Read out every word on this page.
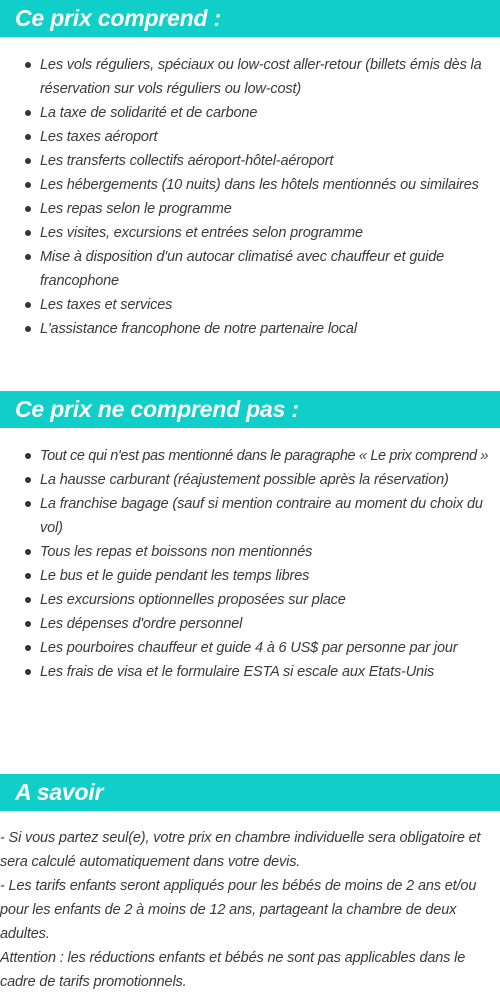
Ce prix comprend :
Les vols réguliers, spéciaux ou low-cost aller-retour (billets émis dès la réservation sur vols réguliers ou low-cost)
La taxe de solidarité et de carbone
Les taxes aéroport
Les transferts collectifs aéroport-hôtel-aéroport
Les hébergements (10 nuits) dans les hôtels mentionnés ou similaires
Les repas selon le programme
Les visites, excursions et entrées selon programme
Mise à disposition d'un autocar climatisé avec chauffeur et guide francophone
Les taxes et services
L'assistance francophone de notre partenaire local
Ce prix ne comprend pas :
Tout ce qui n'est pas mentionné dans le paragraphe « Le prix comprend »
La hausse carburant (réajustement possible après la réservation)
La franchise bagage (sauf si mention contraire au moment du choix du vol)
Tous les repas et boissons non mentionnés
Le bus et le guide pendant les temps libres
Les excursions optionnelles proposées sur place
Les dépenses d'ordre personnel
Les pourboires chauffeur et guide 4 à 6 US$ par personne par jour
Les frais de visa et le formulaire ESTA si escale aux Etats-Unis
A savoir

- Si vous partez seul(e), votre prix en chambre individuelle sera obligatoire et sera calculé automatiquement dans votre devis.

- Les tarifs enfants seront appliqués pour les bébés de moins de 2 ans et/ou pour les enfants de 2 à moins de 12 ans, partageant la chambre de deux adultes.

Attention : les réductions enfants et bébés ne sont pas applicables dans le cadre de tarifs promotionnels.
